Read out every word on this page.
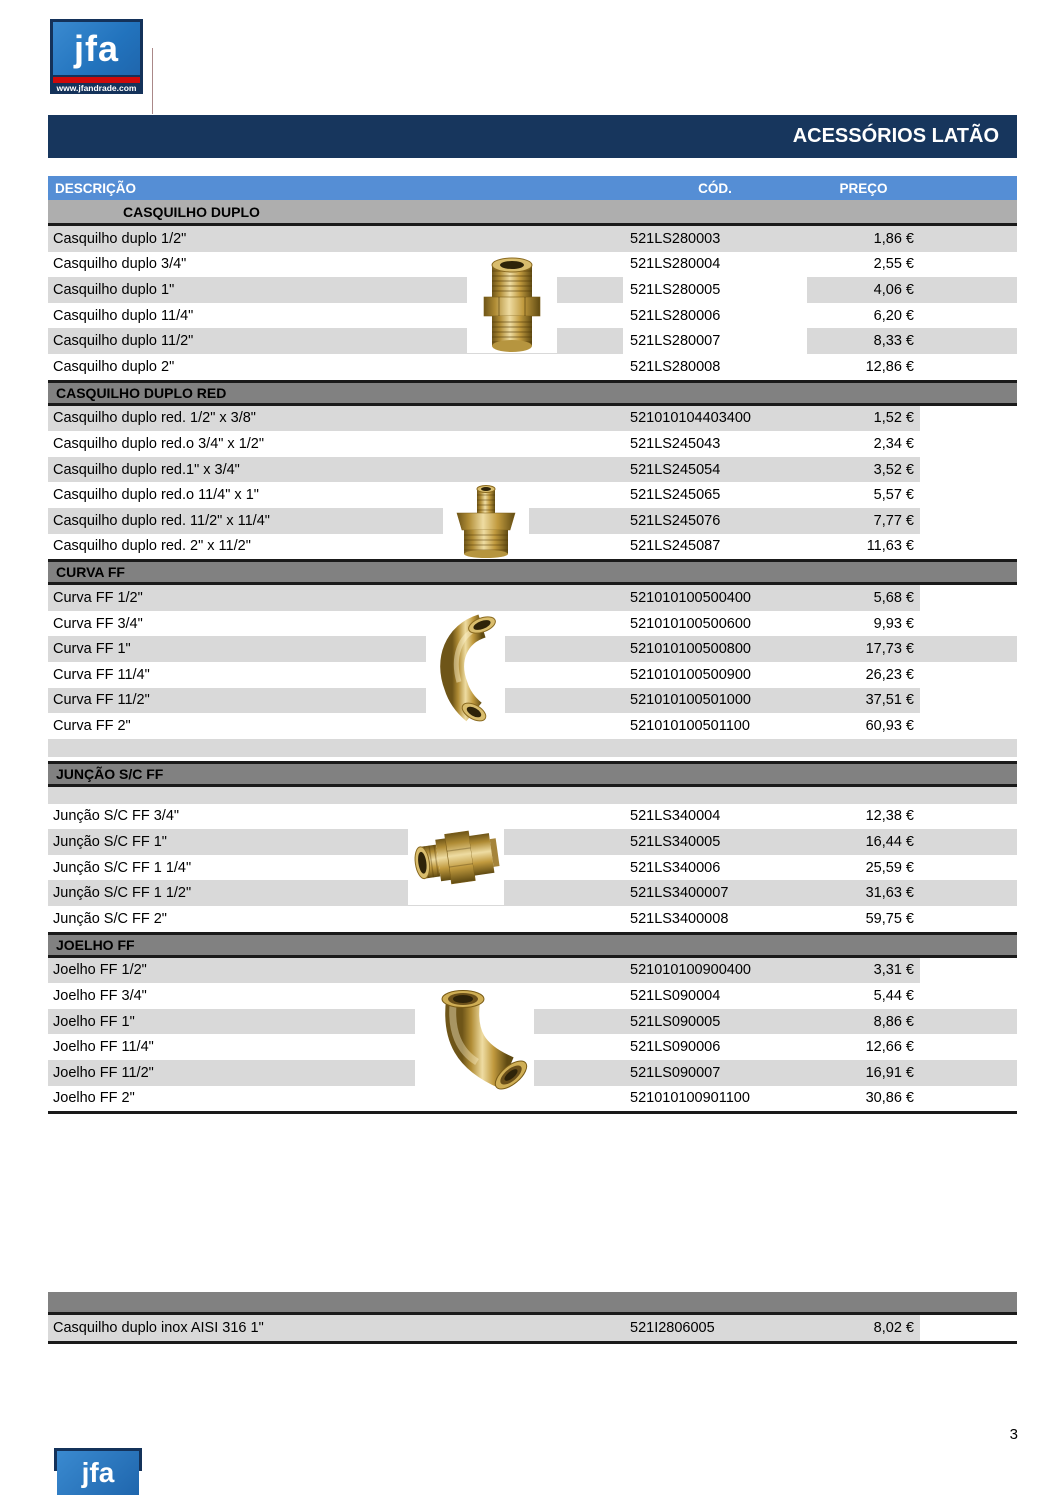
jfa
www.jfandrade.com
ACESSÓRIOS LATÃO
DESCRIÇÃO	CÓD.	PREÇO
CASQUILHO DUPLO
Casquilho duplo 1/2"	521LS280003	1,86 €
Casquilho duplo 3/4"	521LS280004	2,55 €
Casquilho duplo 1"	521LS280005	4,06 €
Casquilho duplo 11/4"	521LS280006	6,20 €
Casquilho duplo 11/2"	521LS280007	8,33 €
Casquilho duplo 2"	521LS280008	12,86 €
CASQUILHO DUPLO RED
Casquilho duplo red. 1/2" x 3/8"	521010104403400	1,52 €
Casquilho duplo red.o 3/4" x 1/2"	521LS245043	2,34 €
Casquilho duplo red.1" x 3/4"	521LS245054	3,52 €
Casquilho duplo red.o 11/4" x 1"	521LS245065	5,57 €
Casquilho duplo red. 11/2" x 11/4"	521LS245076	7,77 €
Casquilho duplo red. 2" x 11/2"	521LS245087	11,63 €
CURVA FF
Curva FF 1/2"	521010100500400	5,68 €
Curva FF 3/4"	521010100500600	9,93 €
Curva FF 1"	521010100500800	17,73 €
Curva FF 11/4"	521010100500900	26,23 €
Curva FF 11/2"	521010100501000	37,51 €
Curva FF 2"	521010100501100	60,93 €
JUNÇÃO S/C FF
Junção S/C FF 3/4"	521LS340004	12,38 €
Junção S/C FF 1"	521LS340005	16,44 €
Junção S/C FF 1 1/4"	521LS340006	25,59 €
Junção S/C FF 1 1/2"	521LS3400007	31,63 €
Junção S/C FF 2"	521LS3400008	59,75 €
JOELHO FF
Joelho FF 1/2"	521010100900400	3,31 €
Joelho FF 3/4"	521LS090004	5,44 €
Joelho FF 1"	521LS090005	8,86 €
Joelho FF 11/4"	521LS090006	12,66 €
Joelho FF 11/2"	521LS090007	16,91 €
Joelho FF 2"	521010100901100	30,86 €
Casquilho duplo inox AISI 316 1"	521I2806005	8,02 €
jfa
3
